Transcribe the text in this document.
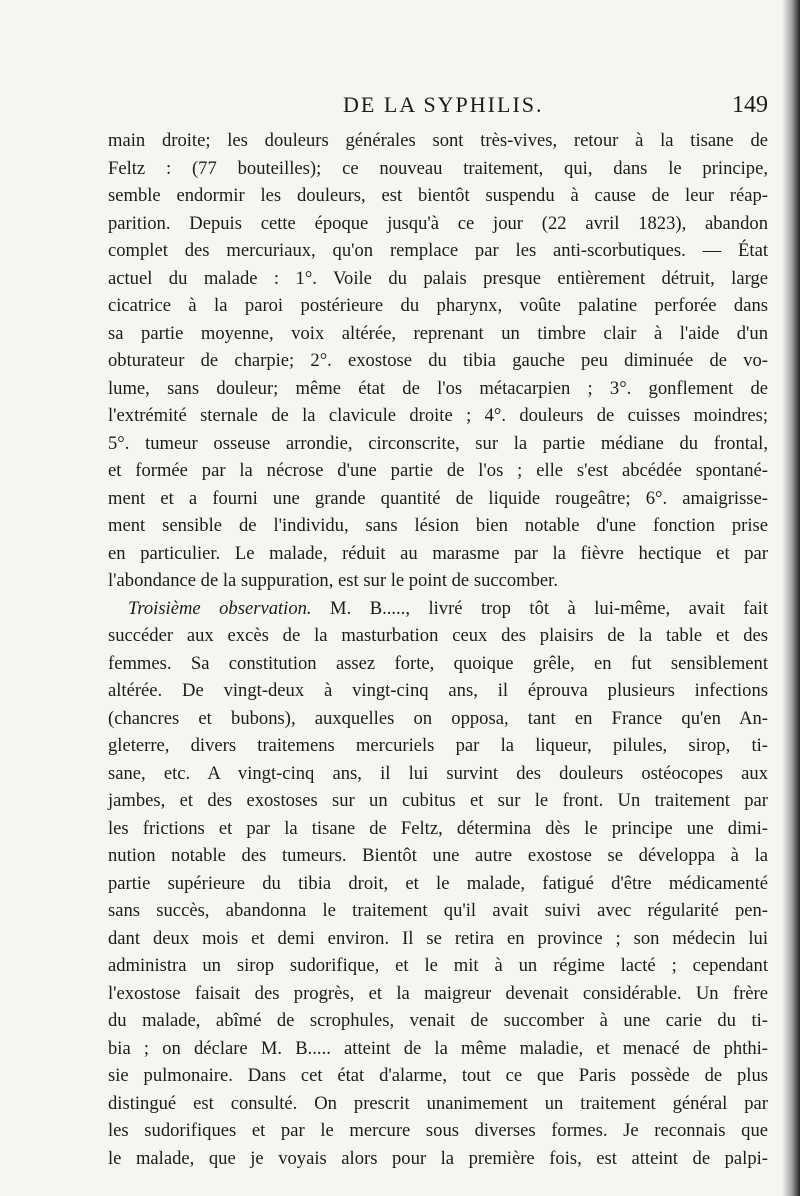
DE LA SYPHILIS.	149
main droite; les douleurs générales sont très-vives, retour à la tisane de
Feltz : (77 bouteilles); ce nouveau traitement, qui, dans le principe,
semble endormir les douleurs, est bientôt suspendu à cause de leur réap-
parition. Depuis cette époque jusqu'à ce jour (22 avril 1823), abandon
complet des mercuriaux, qu'on remplace par les anti-scorbutiques. — État
actuel du malade : 1°. Voile du palais presque entièrement détruit, large
cicatrice à la paroi postérieure du pharynx, voûte palatine perforée dans
sa partie moyenne, voix altérée, reprenant un timbre clair à l'aide d'un
obturateur de charpie; 2°. exostose du tibia gauche peu diminuée de vo-
lume, sans douleur; même état de l'os métacarpien ; 3°. gonflement de
l'extrémité sternale de la clavicule droite ; 4°. douleurs de cuisses moindres;
5°. tumeur osseuse arrondie, circonscrite, sur la partie médiane du frontal,
et formée par la nécrose d'une partie de l'os ; elle s'est abcédée spontané-
ment et a fourni une grande quantité de liquide rougeâtre; 6°. amaigrisse-
ment sensible de l'individu, sans lésion bien notable d'une fonction prise
en particulier. Le malade, réduit au marasme par la fièvre hectique et par
l'abondance de la suppuration, est sur le point de succomber.
Troisième observation. M. B....., livré trop tôt à lui-même, avait fait
succéder aux excès de la masturbation ceux des plaisirs de la table et des
femmes. Sa constitution assez forte, quoique grêle, en fut sensiblement
altérée. De vingt-deux à vingt-cinq ans, il éprouva plusieurs infections
(chancres et bubons), auxquelles on opposa, tant en France qu'en An-
gleterre, divers traitemens mercuriels par la liqueur, pilules, sirop, ti-
sane, etc. A vingt-cinq ans, il lui survint des douleurs ostéocopes aux
jambes, et des exostoses sur un cubitus et sur le front. Un traitement par
les frictions et par la tisane de Feltz, détermina dès le principe une dimi-
nution notable des tumeurs. Bientôt une autre exostose se développa à la
partie supérieure du tibia droit, et le malade, fatigué d'être médicamenté
sans succès, abandonna le traitement qu'il avait suivi avec régularité pen-
dant deux mois et demi environ. Il se retira en province ; son médecin lui
administra un sirop sudorifique, et le mit à un régime lacté ; cependant
l'exostose faisait des progrès, et la maigreur devenait considérable. Un frère
du malade, abîmé de scrophules, venait de succomber à une carie du ti-
bia ; on déclare M. B..... atteint de la même maladie, et menacé de phthi-
sie pulmonaire. Dans cet état d'alarme, tout ce que Paris possède de plus
distingué est consulté. On prescrit unanimement un traitement général par
les sudorifiques et par le mercure sous diverses formes. Je reconnais que
le malade, que je voyais alors pour la première fois, est atteint de palpi-
